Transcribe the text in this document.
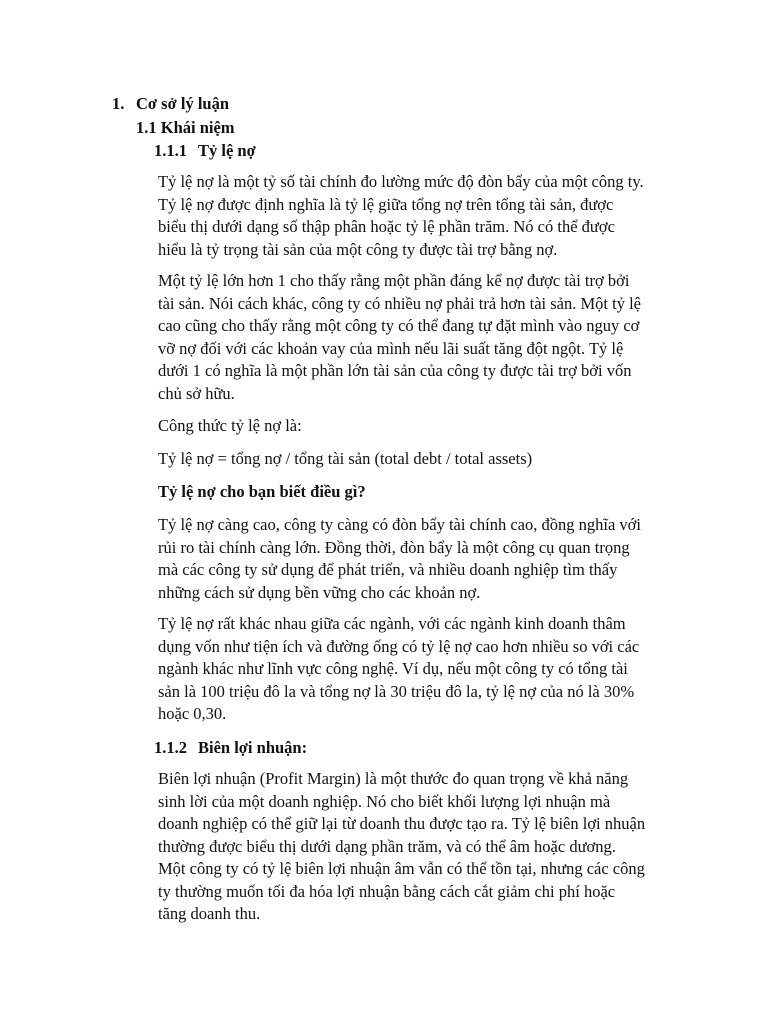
1. Cơ sở lý luận
1.1 Khái niệm
1.1.1 Tỷ lệ nợ
Tỷ lệ nợ là một tỷ số tài chính đo lường mức độ đòn bẩy của một công ty.
Tỷ lệ nợ được định nghĩa là tỷ lệ giữa tổng nợ trên tổng tài sản, được
biểu thị dưới dạng số thập phân hoặc tỷ lệ phần trăm. Nó có thể được
hiểu là tỷ trọng tài sản của một công ty được tài trợ bằng nợ.
Một tỷ lệ lớn hơn 1 cho thấy rằng một phần đáng kể nợ được tài trợ bởi
tài sản. Nói cách khác, công ty có nhiều nợ phải trả hơn tài sản. Một tỷ lệ
cao cũng cho thấy rằng một công ty có thể đang tự đặt mình vào nguy cơ
vỡ nợ đối với các khoản vay của mình nếu lãi suất tăng đột ngột. Tỷ lệ
dưới 1 có nghĩa là một phần lớn tài sản của công ty được tài trợ bởi vốn
chủ sở hữu.
Công thức tỷ lệ nợ là:
Tỷ lệ nợ = tổng nợ / tổng tài sản (total debt / total assets)
Tỷ lệ nợ cho bạn biết điều gì?
Tỷ lệ nợ càng cao, công ty càng có đòn bẩy tài chính cao, đồng nghĩa với
rủi ro tài chính càng lớn. Đồng thời, đòn bẩy là một công cụ quan trọng
mà các công ty sử dụng để phát triển, và nhiều doanh nghiệp tìm thấy
những cách sử dụng bền vững cho các khoản nợ.
Tỷ lệ nợ rất khác nhau giữa các ngành, với các ngành kinh doanh thâm
dụng vốn như tiện ích và đường ống có tỷ lệ nợ cao hơn nhiều so với các
ngành khác như lĩnh vực công nghệ. Ví dụ, nếu một công ty có tổng tài
sản là 100 triệu đô la và tổng nợ là 30 triệu đô la, tỷ lệ nợ của nó là 30%
hoặc 0,30.
1.1.2 Biên lợi nhuận:
Biên lợi nhuận (Profit Margin) là một thước đo quan trọng về khả năng
sinh lời của một doanh nghiệp. Nó cho biết khối lượng lợi nhuận mà
doanh nghiệp có thể giữ lại từ doanh thu được tạo ra. Tỷ lệ biên lợi nhuận
thường được biểu thị dưới dạng phần trăm, và có thể âm hoặc dương.
Một công ty có tỷ lệ biên lợi nhuận âm vẫn có thể tồn tại, nhưng các công
ty thường muốn tối đa hóa lợi nhuận bằng cách cắt giảm chi phí hoặc
tăng doanh thu.
